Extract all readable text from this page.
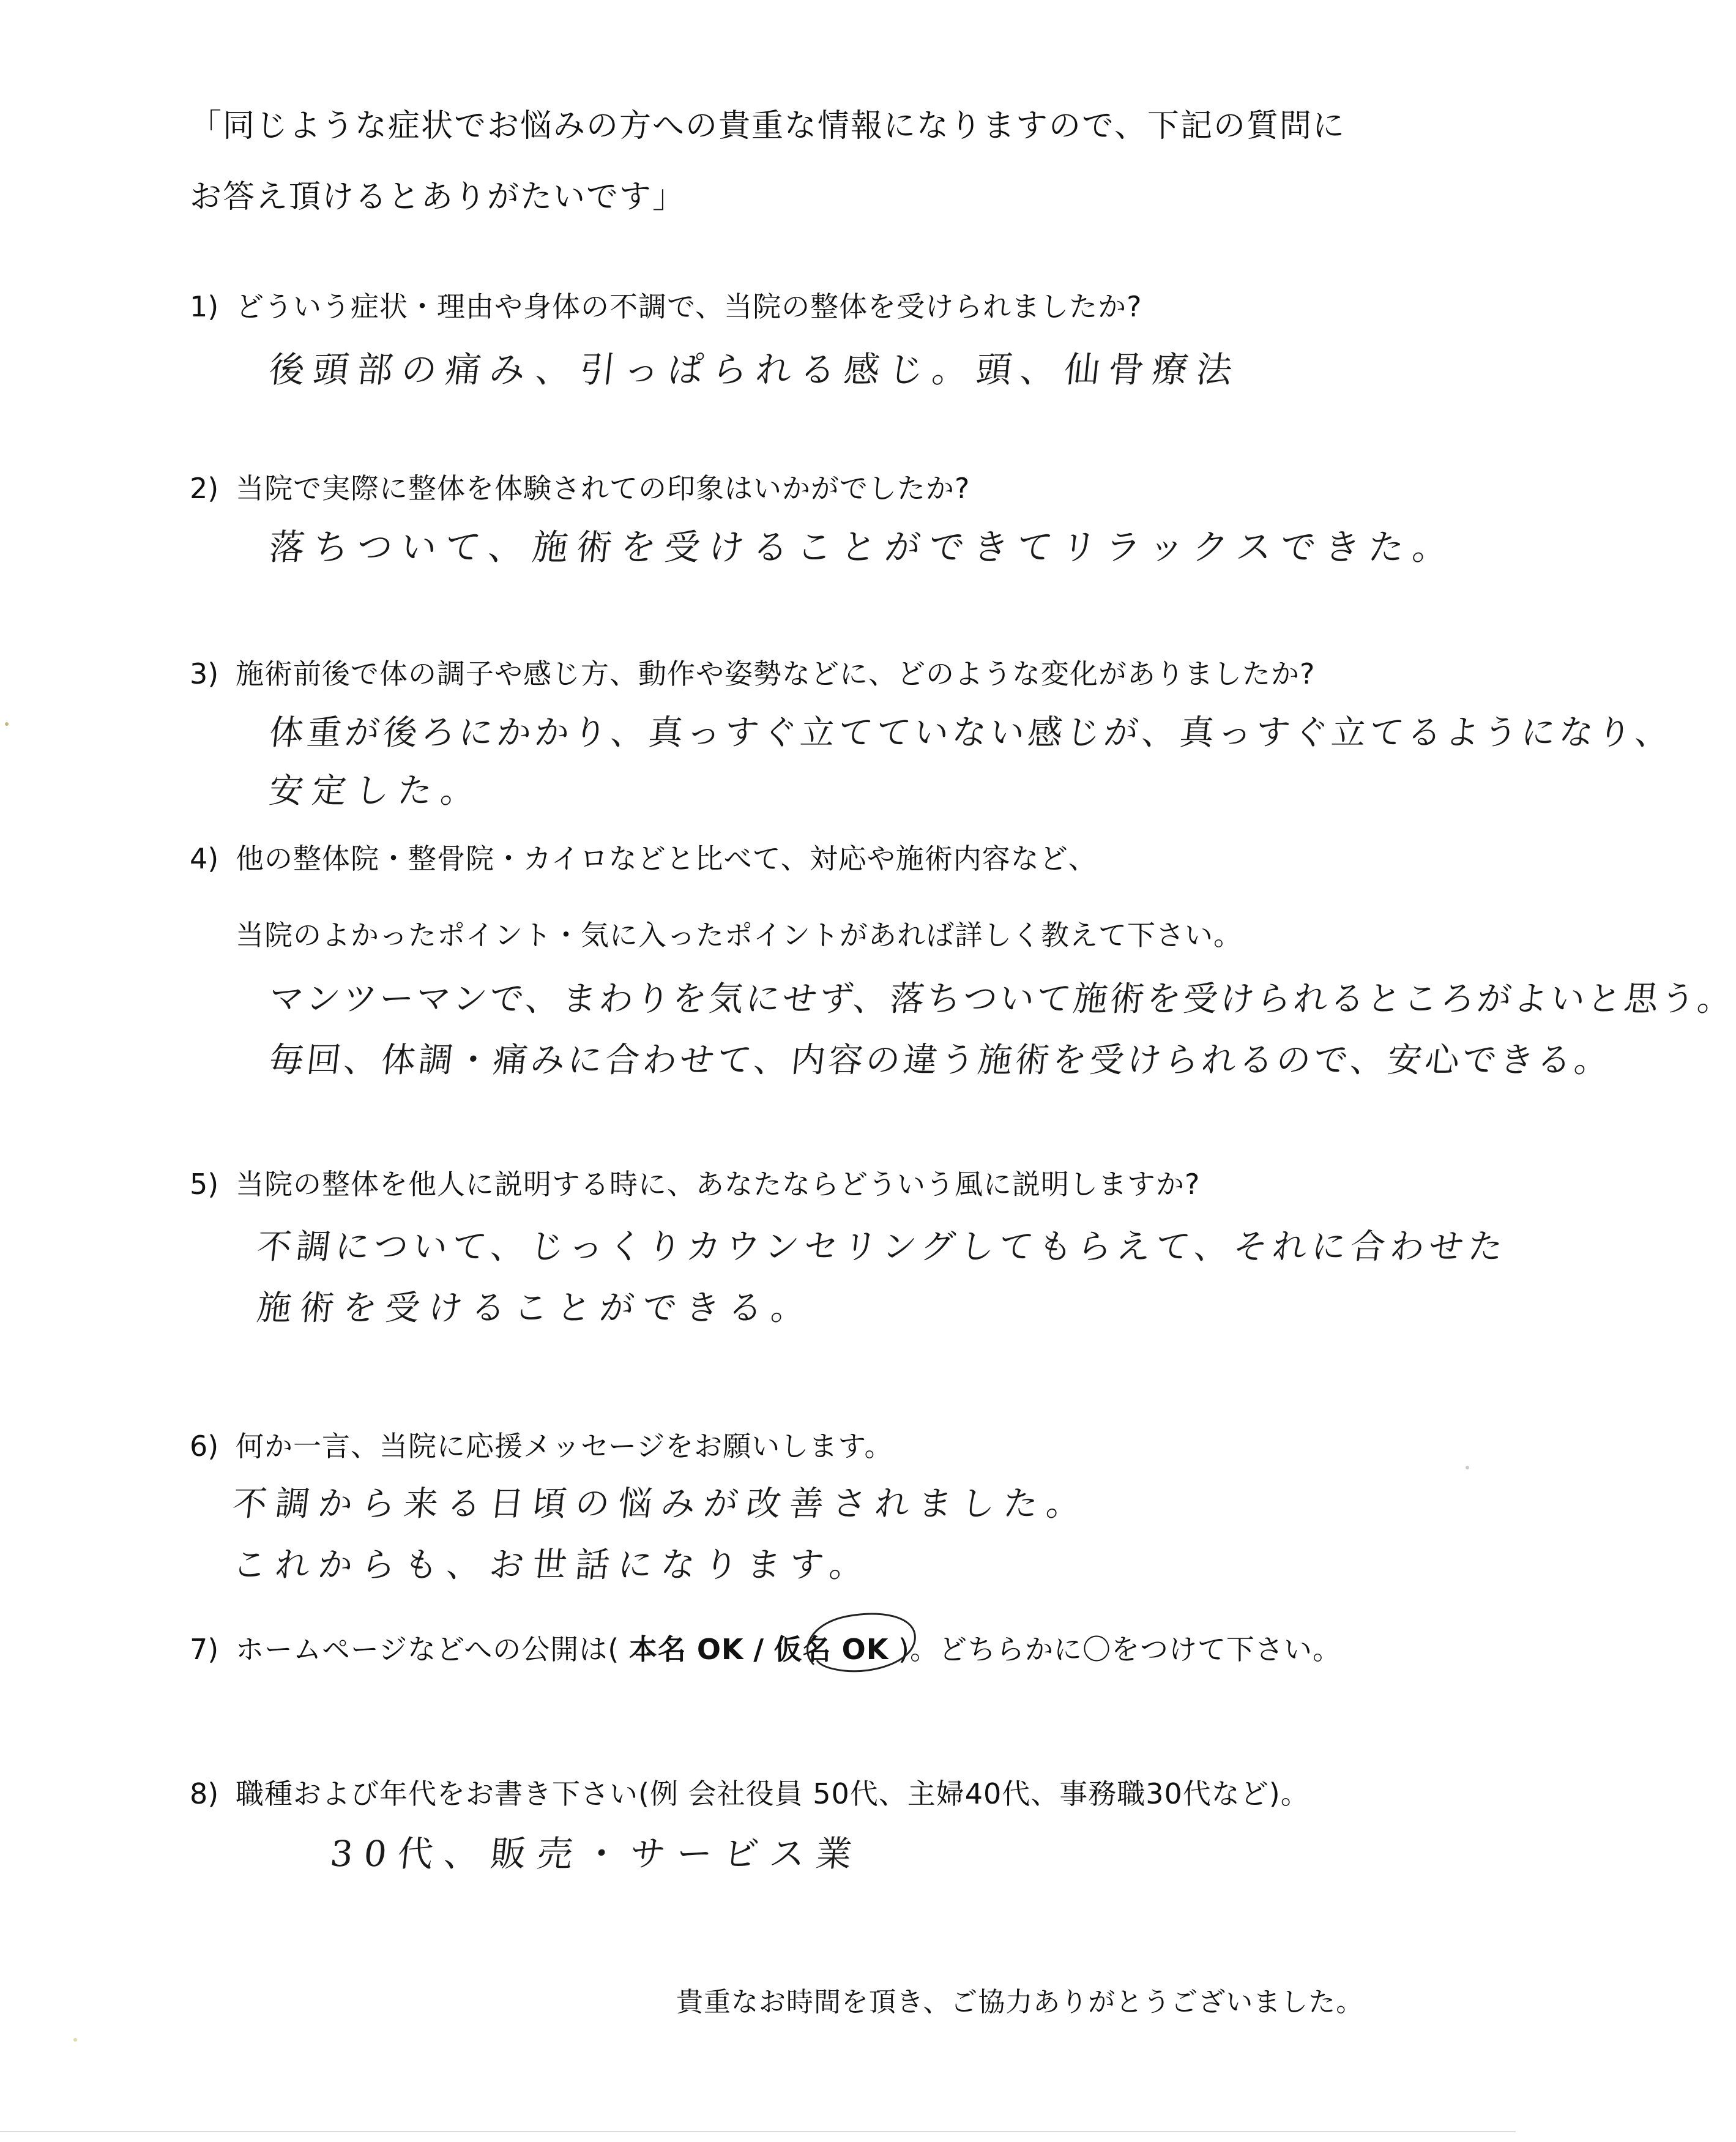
「同じような症状でお悩みの方への貴重な情報になりますので、下記の質問に
お答え頂けるとありがたいです」
1) どういう症状・理由や身体の不調で、当院の整体を受けられましたか?
後頭部の痛み、引っぱられる感じ。頭、仙骨療法
2) 当院で実際に整体を体験されての印象はいかがでしたか?
落ちついて、施術を受けることができてリラックスできた。
3) 施術前後で体の調子や感じ方、動作や姿勢などに、どのような変化がありましたか?
体重が後ろにかかり、真っすぐ立てていない感じが、真っすぐ立てるようになり、
安定した。
4) 他の整体院・整骨院・カイロなどと比べて、対応や施術内容など、
当院のよかったポイント・気に入ったポイントがあれば詳しく教えて下さい。
マンツーマンで、まわりを気にせず、落ちついて施術を受けられるところがよいと思う。
毎回、体調・痛みに合わせて、内容の違う施術を受けられるので、安心できる。
5) 当院の整体を他人に説明する時に、あなたならどういう風に説明しますか?
不調について、じっくりカウンセリングしてもらえて、それに合わせた
施術を受けることができる。
6) 何か一言、当院に応援メッセージをお願いします。
不調から来る日頃の悩みが改善されました。
これからも、お世話になります。
7) ホームページなどへの公開は( 本名 OK / 仮名 OK )。どちらかに〇をつけて下さい。
8) 職種および年代をお書き下さい(例 会社役員 50代、主婦40代、事務職30代など)。
30代、販売・サービス業
貴重なお時間を頂き、ご協力ありがとうございました。
